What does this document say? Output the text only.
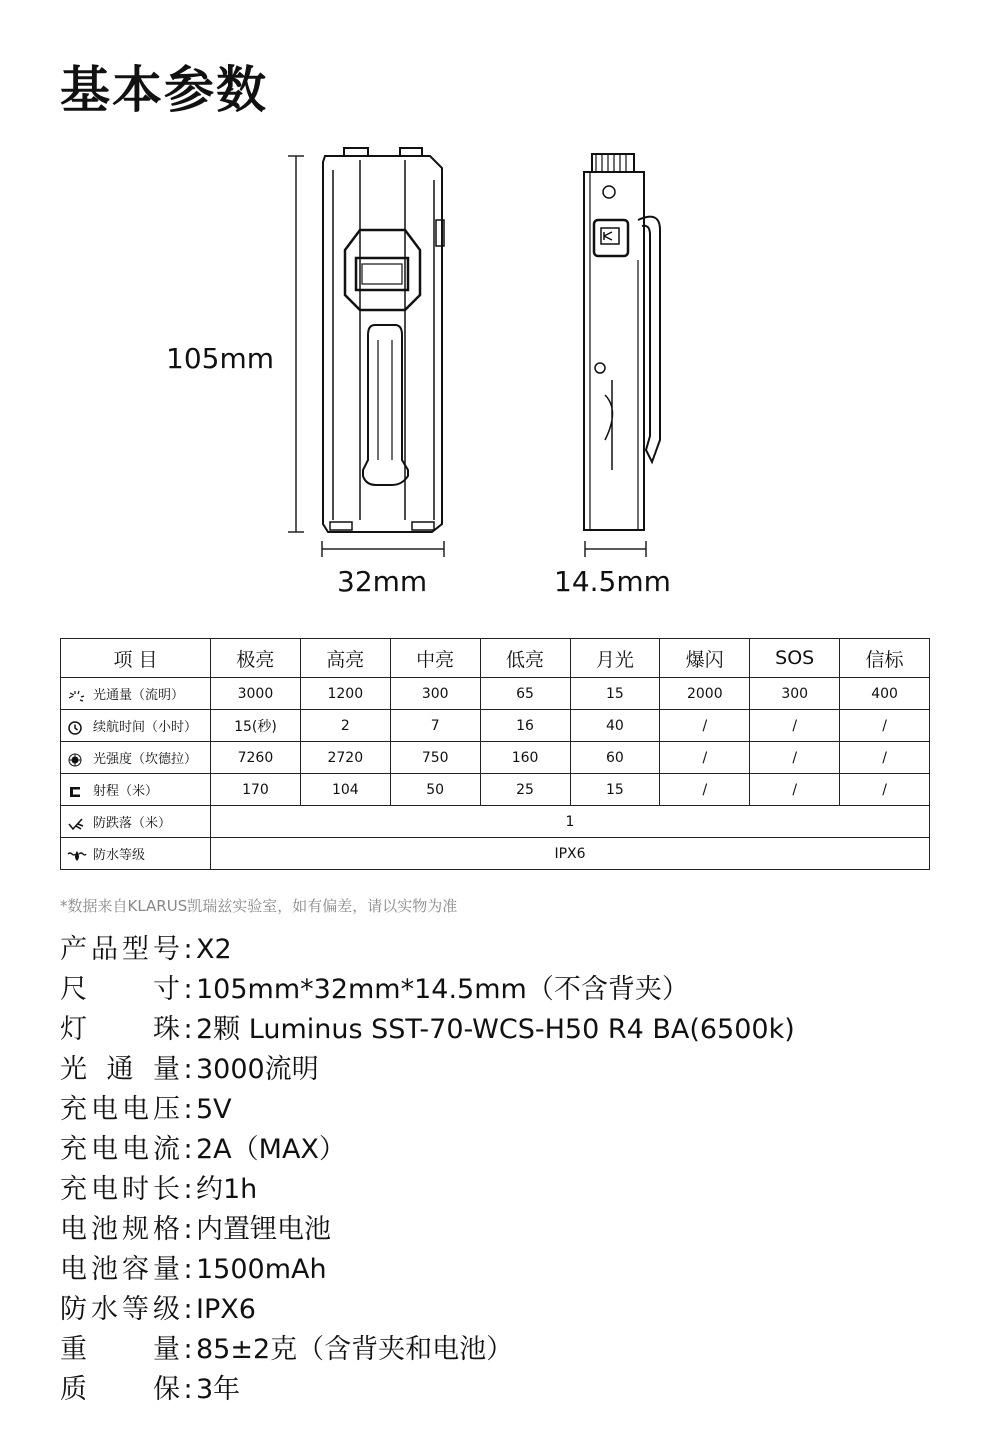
基本参数
105mm
32mm	14.5mm
项 目	极亮	高亮	中亮	低亮	月光	爆闪	SOS	信标
光通量（流明）	3000	1200	300	65	15	2000	300	400
续航时间（小时）	15(秒)	2	7	16	40	/	/	/
光强度（坎德拉）	7260	2720	750	160	60	/	/	/
射程（米）	170	104	50	25	15	/	/	/
防跌落（米）	1							
防水等级	IPX6							

*数据来自KLARUS凯瑞兹实验室，如有偏差，请以实物为准

产品型号 : X2
尺寸 : 105mm*32mm*14.5mm（不含背夹）
灯珠 : 2颗 Luminus SST-70-WCS-H50 R4 BA(6500k)
光通量 : 3000流明
充电电压 : 5V
充电电流 : 2A（MAX）
充电时长 : 约1h
电池规格 : 内置锂电池
电池容量 : 1500mAh
防水等级 : IPX6
重量 : 85±2克（含背夹和电池）
质保 : 3年
